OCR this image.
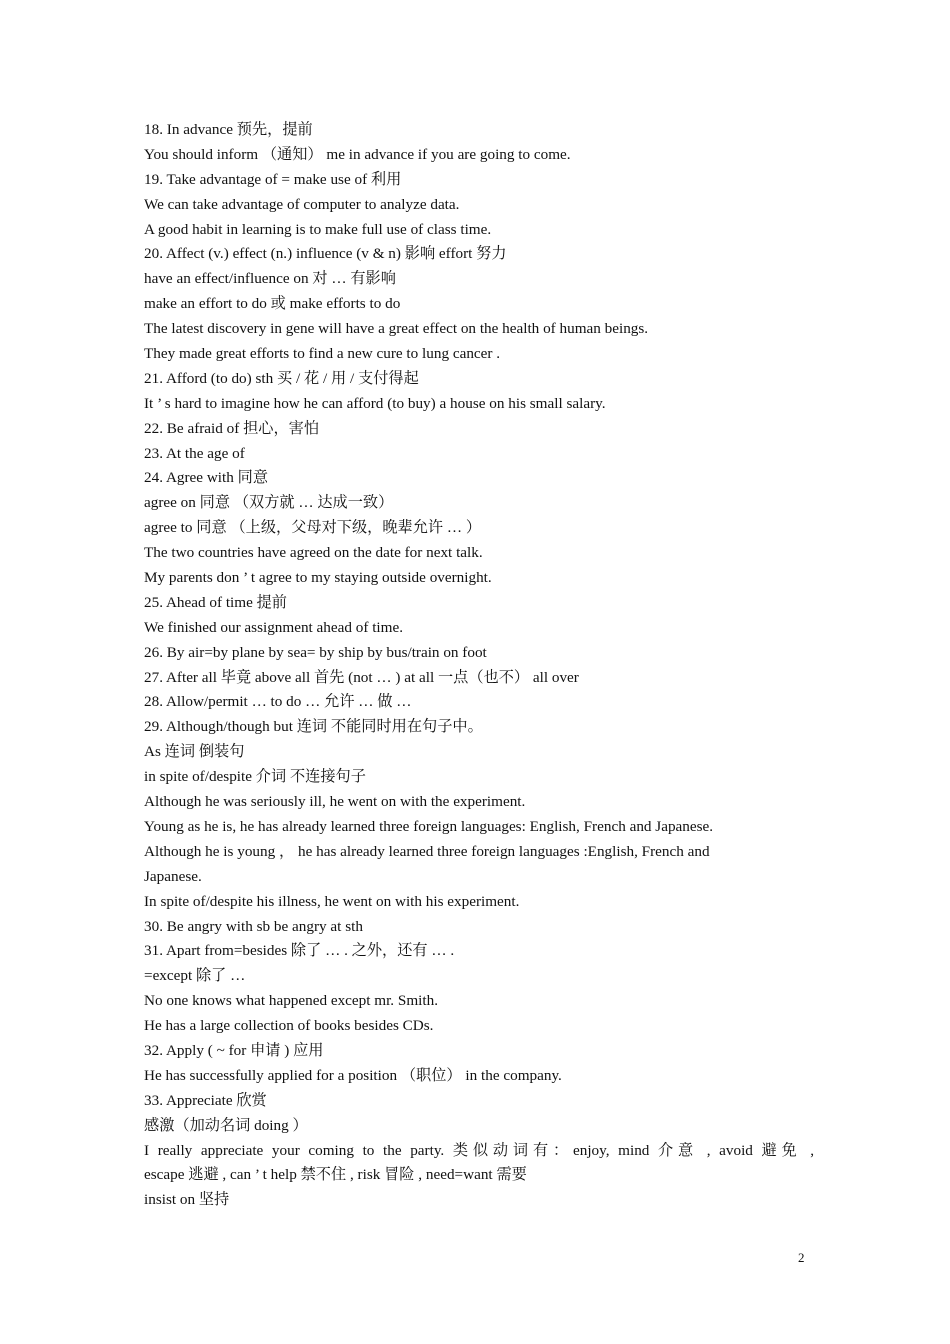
18. In advance 预先，提前
You should inform （通知） me in advance if you are going to come.
19. Take advantage of = make use of 利用
We can take advantage of computer to analyze data.
A good habit in learning is to make full use of class time.
20. Affect (v.) effect (n.) influence (v & n) 影响 effort 努力
have an effect/influence on 对 … 有影响
make an effort to do 或 make efforts to do
The latest discovery in gene will have a great effect on the health of human beings.
They made great efforts to find a new cure to lung cancer .
21. Afford (to do) sth 买 / 花 / 用 / 支付得起
It ’ s hard to imagine how he can afford (to buy) a house on his small salary.
22. Be afraid of 担心，害怕
23. At the age of
24. Agree with 同意
agree on 同意 （双方就 … 达成一致）
agree to 同意 （上级，父母对下级，晚辈允许 … ）
The two countries have agreed on the date for next talk.
My parents don ’ t agree to my staying outside overnight.
25. Ahead of time 提前
We finished our assignment ahead of time.
26. By air=by plane by sea= by ship by bus/train on foot
27. After all 毕竟 above all 首先 (not … ) at all 一点（也不） all over
28. Allow/permit … to do … 允许 … 做 …
29. Although/though but 连词 不能同时用在句子中。
As 连词 倒装句
in spite of/despite 介词 不连接句子
Although he was seriously ill, he went on with the experiment.
Young as he is, he has already learned three foreign languages: English, French and Japanese.
Although he is young ， he has already learned three foreign languages :English, French and
Japanese.
In spite of/despite his illness, he went on with his experiment.
30. Be angry with sb be angry at sth
31. Apart from=besides 除了 … . 之外，还有 … .
=except 除了 …
No one knows what happened except mr. Smith.
He has a large collection of books besides CDs.
32. Apply ( ~ for 申请 ) 应用
He has successfully applied for a position （职位） in the company.
33. Appreciate 欣赏
感激（加动名词 doing ）
I really appreciate your coming to the party. 类似动词有：enjoy, mind 介意 , avoid 避免 ,
escape 逃避 , can ’ t help 禁不住 , risk 冒险 , need=want 需要
insist on 坚持
2
